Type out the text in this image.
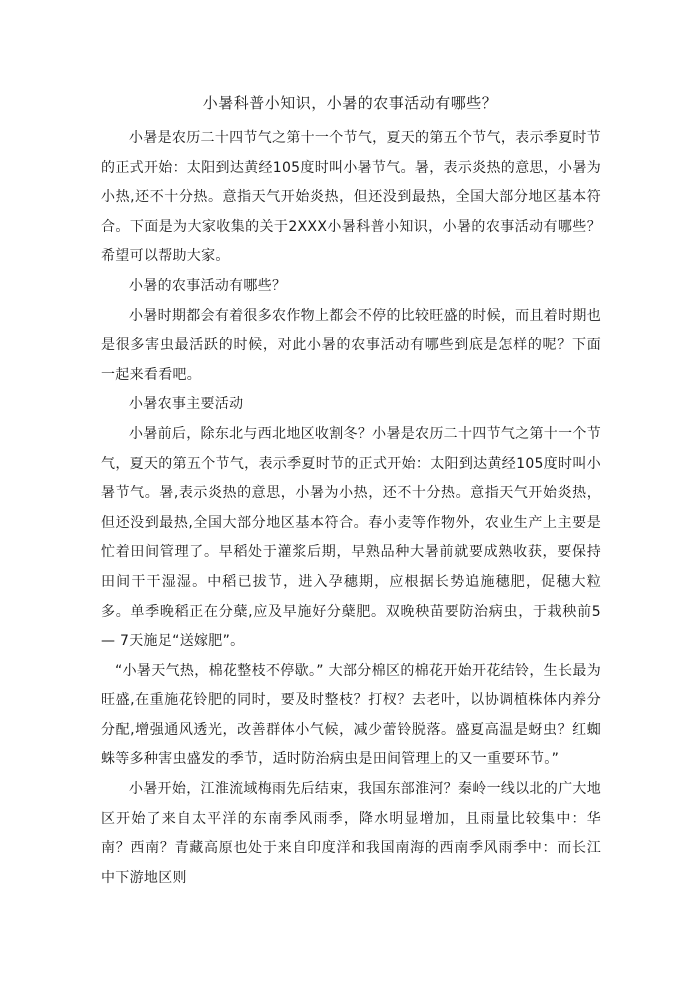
小暑科普小知识，小暑的农事活动有哪些？

小暑是农历二十四节气之第十一个节气，夏天的第五个节气，表示季夏时节的正式开始：太阳到达黄经105度时叫小暑节气。暑，表示炎热的意思，小暑为小热,还不十分热。意指天气开始炎热，但还没到最热，全国大部分地区基本符合。下面是为大家收集的关于2XXX小暑科普小知识，小暑的农事活动有哪些？希望可以帮助大家。

小暑的农事活动有哪些？

小暑时期都会有着很多农作物上都会不停的比较旺盛的时候，而且着时期也是很多害虫最活跃的时候，对此小暑的农事活动有哪些到底是怎样的呢？下面一起来看看吧。

小暑农事主要活动

小暑前后，除东北与西北地区收割冬？小暑是农历二十四节气之第十一个节气，夏天的第五个节气，表示季夏时节的正式开始：太阳到达黄经105度时叫小暑节气。暑,表示炎热的意思，小暑为小热，还不十分热。意指天气开始炎热，但还没到最热,全国大部分地区基本符合。春小麦等作物外，农业生产上主要是忙着田间管理了。早稻处于灌浆后期，早熟品种大暑前就要成熟收获，要保持田间干干湿湿。中稻已拔节，进入孕穗期，应根据长势追施穗肥，促穗大粒多。单季晚稻正在分蘖,应及早施好分蘖肥。双晚秧苗要防治病虫，于栽秧前5— 7天施足“送嫁肥”。

“小暑天气热，棉花整枝不停歇。” 大部分棉区的棉花开始开花结铃，生长最为旺盛,在重施花铃肥的同时，要及时整枝？打杈？去老叶，以协调植株体内养分分配,增强通风透光，改善群体小气候，减少蕾铃脱落。盛夏高温是蚜虫？红蜘蛛等多种害虫盛发的季节，适时防治病虫是田间管理上的又一重要环节。”

小暑开始，江淮流域梅雨先后结束，我国东部淮河？秦岭一线以北的广大地区开始了来自太平洋的东南季风雨季，降水明显增加，且雨量比较集中：华南？西南？青藏高原也处于来自印度洋和我国南海的西南季风雨季中：而长江中下游地区则
